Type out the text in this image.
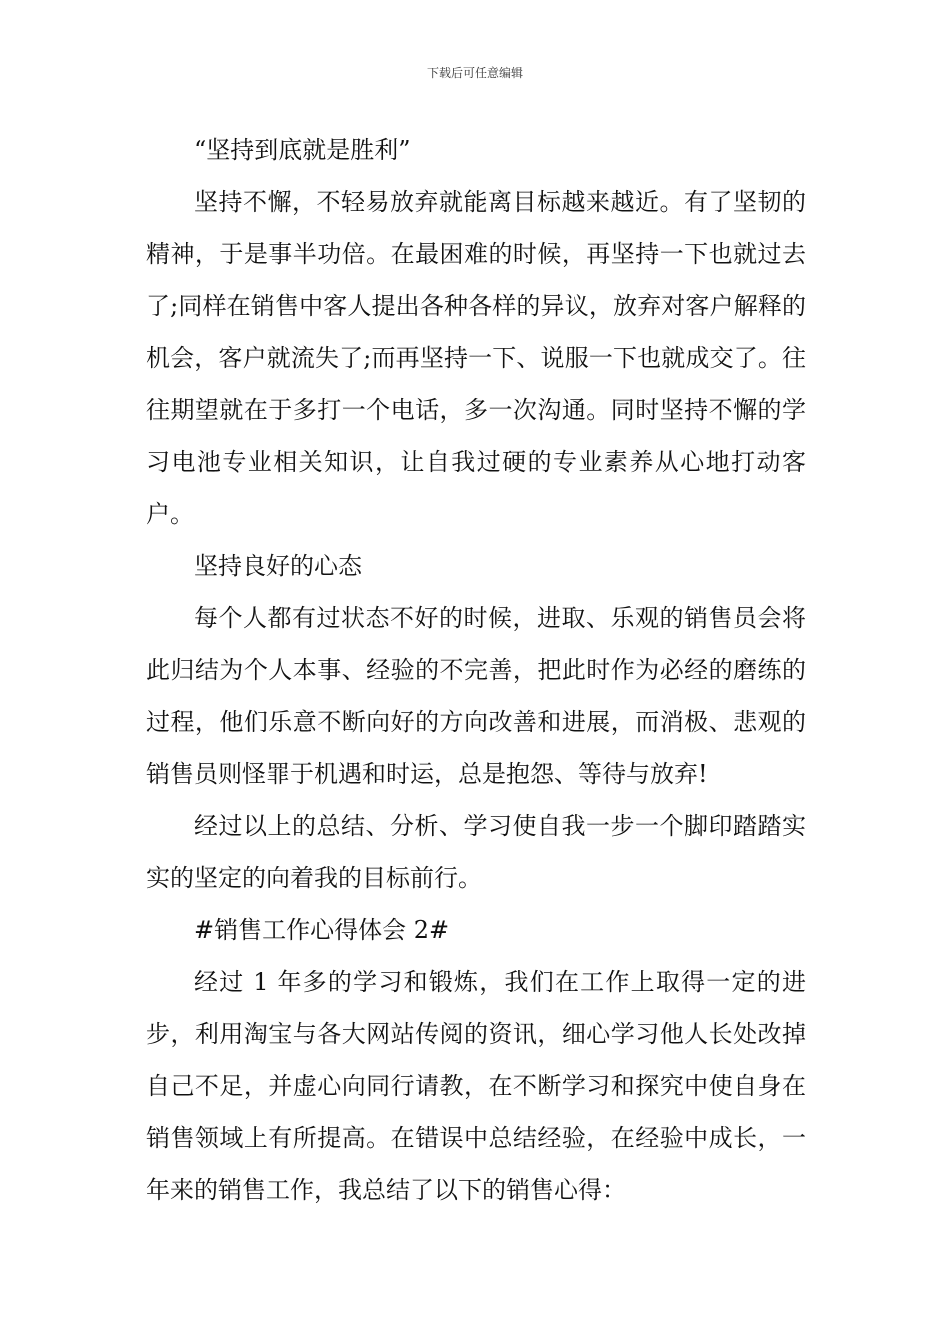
下载后可任意编辑

“坚持到底就是胜利”

坚持不懈，不轻易放弃就能离目标越来越近。有了坚韧的精神，于是事半功倍。在最困难的时候，再坚持一下也就过去了;同样在销售中客人提出各种各样的异议，放弃对客户解释的机会，客户就流失了;而再坚持一下、说服一下也就成交了。往往期望就在于多打一个电话，多一次沟通。同时坚持不懈的学习电池专业相关知识，让自我过硬的专业素养从心地打动客户。

坚持良好的心态

每个人都有过状态不好的时候，进取、乐观的销售员会将此归结为个人本事、经验的不完善，把此时作为必经的磨练的过程，他们乐意不断向好的方向改善和进展，而消极、悲观的销售员则怪罪于机遇和时运，总是抱怨、等待与放弃!

经过以上的总结、分析、学习使自我一步一个脚印踏踏实实的坚定的向着我的目标前行。

#销售工作心得体会 2#

经过 1 年多的学习和锻炼，我们在工作上取得一定的进步，利用淘宝与各大网站传阅的资讯，细心学习他人长处改掉自己不足，并虚心向同行请教，在不断学习和探究中使自身在销售领域上有所提高。在错误中总结经验，在经验中成长，一年来的销售工作，我总结了以下的销售心得：
